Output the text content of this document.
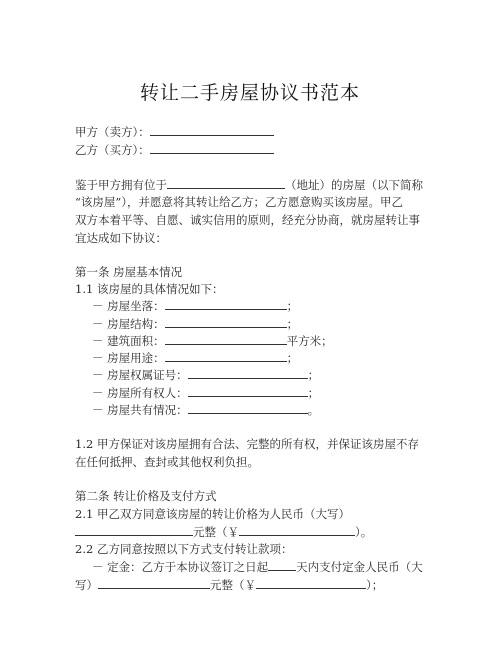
转让二手房屋协议书范本
甲方（卖方）：
乙方（买方）：
鉴于甲方拥有位于	（地址）的房屋（以下简称
“该房屋”），并愿意将其转让给乙方；乙方愿意购买该房屋。甲乙
双方本着平等、自愿、诚实信用的原则，经充分协商，就房屋转让事
宜达成如下协议：
第一条 房屋基本情况
1.1 该房屋的具体情况如下：
－ 房屋坐落：	；
－ 房屋结构：	；
－ 建筑面积：	平方米；
－ 房屋用途：	；
－ 房屋权属证号：	；
－ 房屋所有权人：	；
－ 房屋共有情况：	。
1.2 甲方保证对该房屋拥有合法、完整的所有权，并保证该房屋不存
在任何抵押、查封或其他权利负担。
第二条 转让价格及支付方式
2.1 甲乙双方同意该房屋的转让价格为人民币（大写）
元整（￥	）。
2.2 乙方同意按照以下方式支付转让款项：
－ 定金：乙方于本协议签订之日起 天内支付定金人民币（大
写）	元整（￥	）；
